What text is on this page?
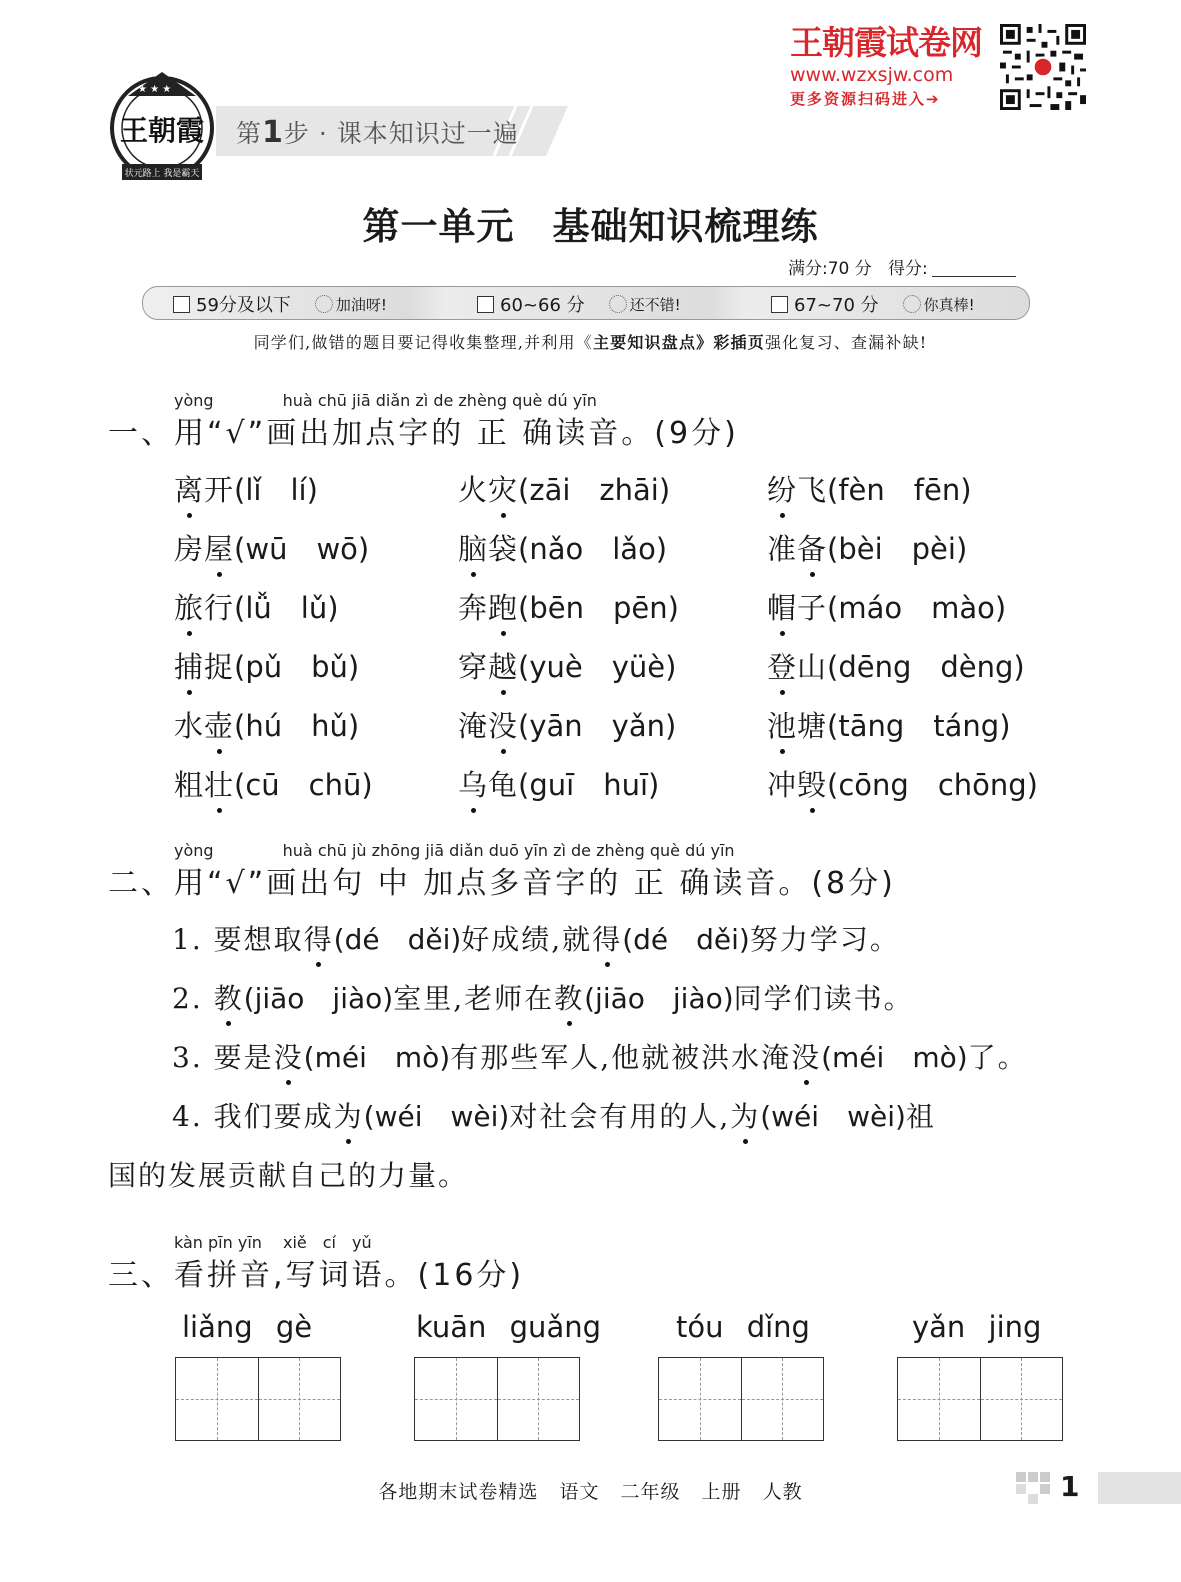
★ ★ ★
状元路上 我是霸天
王朝霞 第1步 · 课本知识过一遍
王朝霞试卷网
www.wzxsjw.com
更多资源扫码进入➔
第一单元　基础知识梳理练
满分:70 分 得分:
59分及以下	加油呀!	60~66 分	还不错!	67~70 分	你真棒!
同学们,做错的题目要记得收集整理,并利用《主要知识盘点》彩插页强化复习、查漏补缺!
yòng　　　　 huà chū jiā diǎn zì de zhèng què dú yīn
一、用“√”画出加点字的 正 确读音。(9分)
离开(lǐ　lí)	火灾(zāi　zhāi)	纷飞(fèn　fēn)
房屋(wū　wō)	脑袋(nǎo　lǎo)	准备(bèi　pèi)
旅行(lǚ　lǔ)	奔跑(bēn　pēn)	帽子(máo　mào)
捕捉(pǔ　bǔ)	穿越(yuè　yüè)	登山(dēng　dèng)
水壶(hú　hǔ)	淹没(yān　yǎn)	池塘(tāng　táng)
粗壮(cū　chū)	乌龟(guī　huī)	冲毁(cōng　chōng)
yòng　　　　 huà chū jù zhōng jiā diǎn duō yīn zì de zhèng què dú yīn
二、用“√”画出句 中 加点多音字的 正 确读音。(8分)
1. 要想取得(dé　děi)好成绩,就得(dé　děi)努力学习。
2. 教(jiāo　jiào)室里,老师在教(jiāo　jiào)同学们读书。
3. 要是没(méi　mò)有那些军人,他就被洪水淹没(méi　mò)了。
4. 我们要成为(wéi　wèi)对社会有用的人,为(wéi　wèi)祖
国的发展贡献自己的力量。
kàn pīn yīn　 xiě　cí　yǔ
三、看拼音,写词语。(16分)
liǎng gè	kuān guǎng	tóu dǐng	yǎn jing
各地期末试卷精选 语文 二年级 上册 人教	1
